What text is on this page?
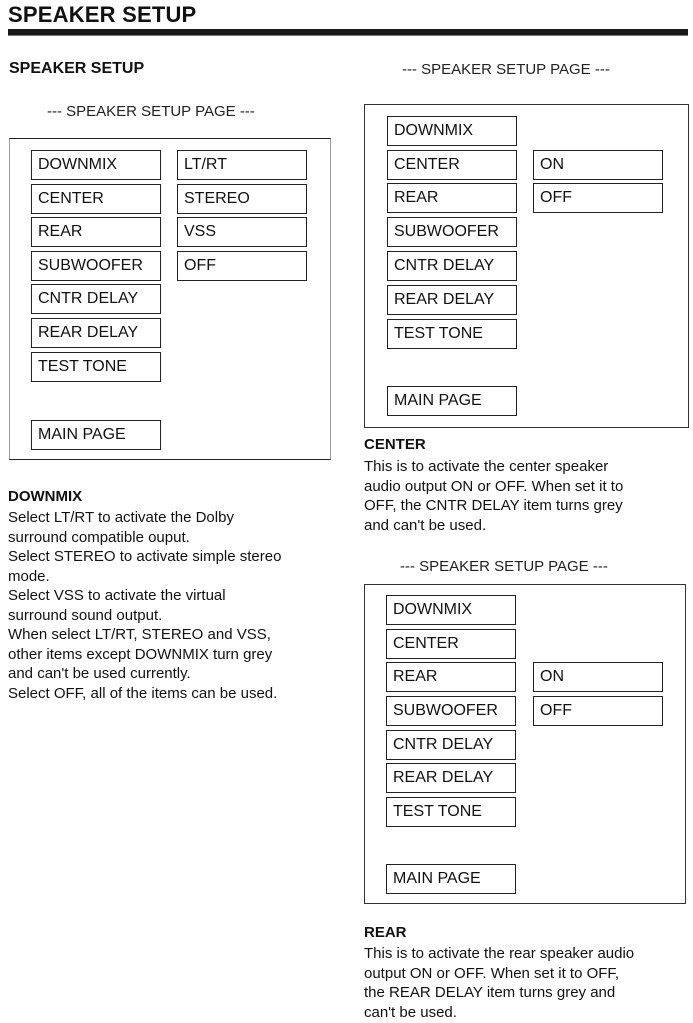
SPEAKER SETUP
SPEAKER SETUP
--- SPEAKER SETUP PAGE ---
DOWNMIX
CENTER
REAR
SUBWOOFER
CNTR DELAY
REAR DELAY
TEST TONE
MAIN PAGE
LT/RT
STEREO
VSS
OFF
DOWNMIX

Select LT/RT to activate the Dolby

surround compatible ouput.

Select STEREO to activate simple stereo

mode.

Select VSS to activate the virtual

surround sound output.

When select LT/RT, STEREO and VSS,

other items except DOWNMIX turn grey

and can't be used currently.

Select OFF, all of the items can be used.

--- SPEAKER SETUP PAGE ---
DOWNMIX
CENTER
REAR
SUBWOOFER
CNTR DELAY
REAR DELAY
TEST TONE
MAIN PAGE
ON
OFF
CENTER

This is to activate the center speaker

audio output ON or OFF. When set it to

OFF, the CNTR DELAY item turns grey

and can't be used.

--- SPEAKER SETUP PAGE ---
DOWNMIX
CENTER
REAR
SUBWOOFER
CNTR DELAY
REAR DELAY
TEST TONE
MAIN PAGE
ON
OFF
REAR

This is to activate the rear speaker audio

output ON or OFF. When set it to OFF,

the REAR DELAY item turns grey and

can't be used.
